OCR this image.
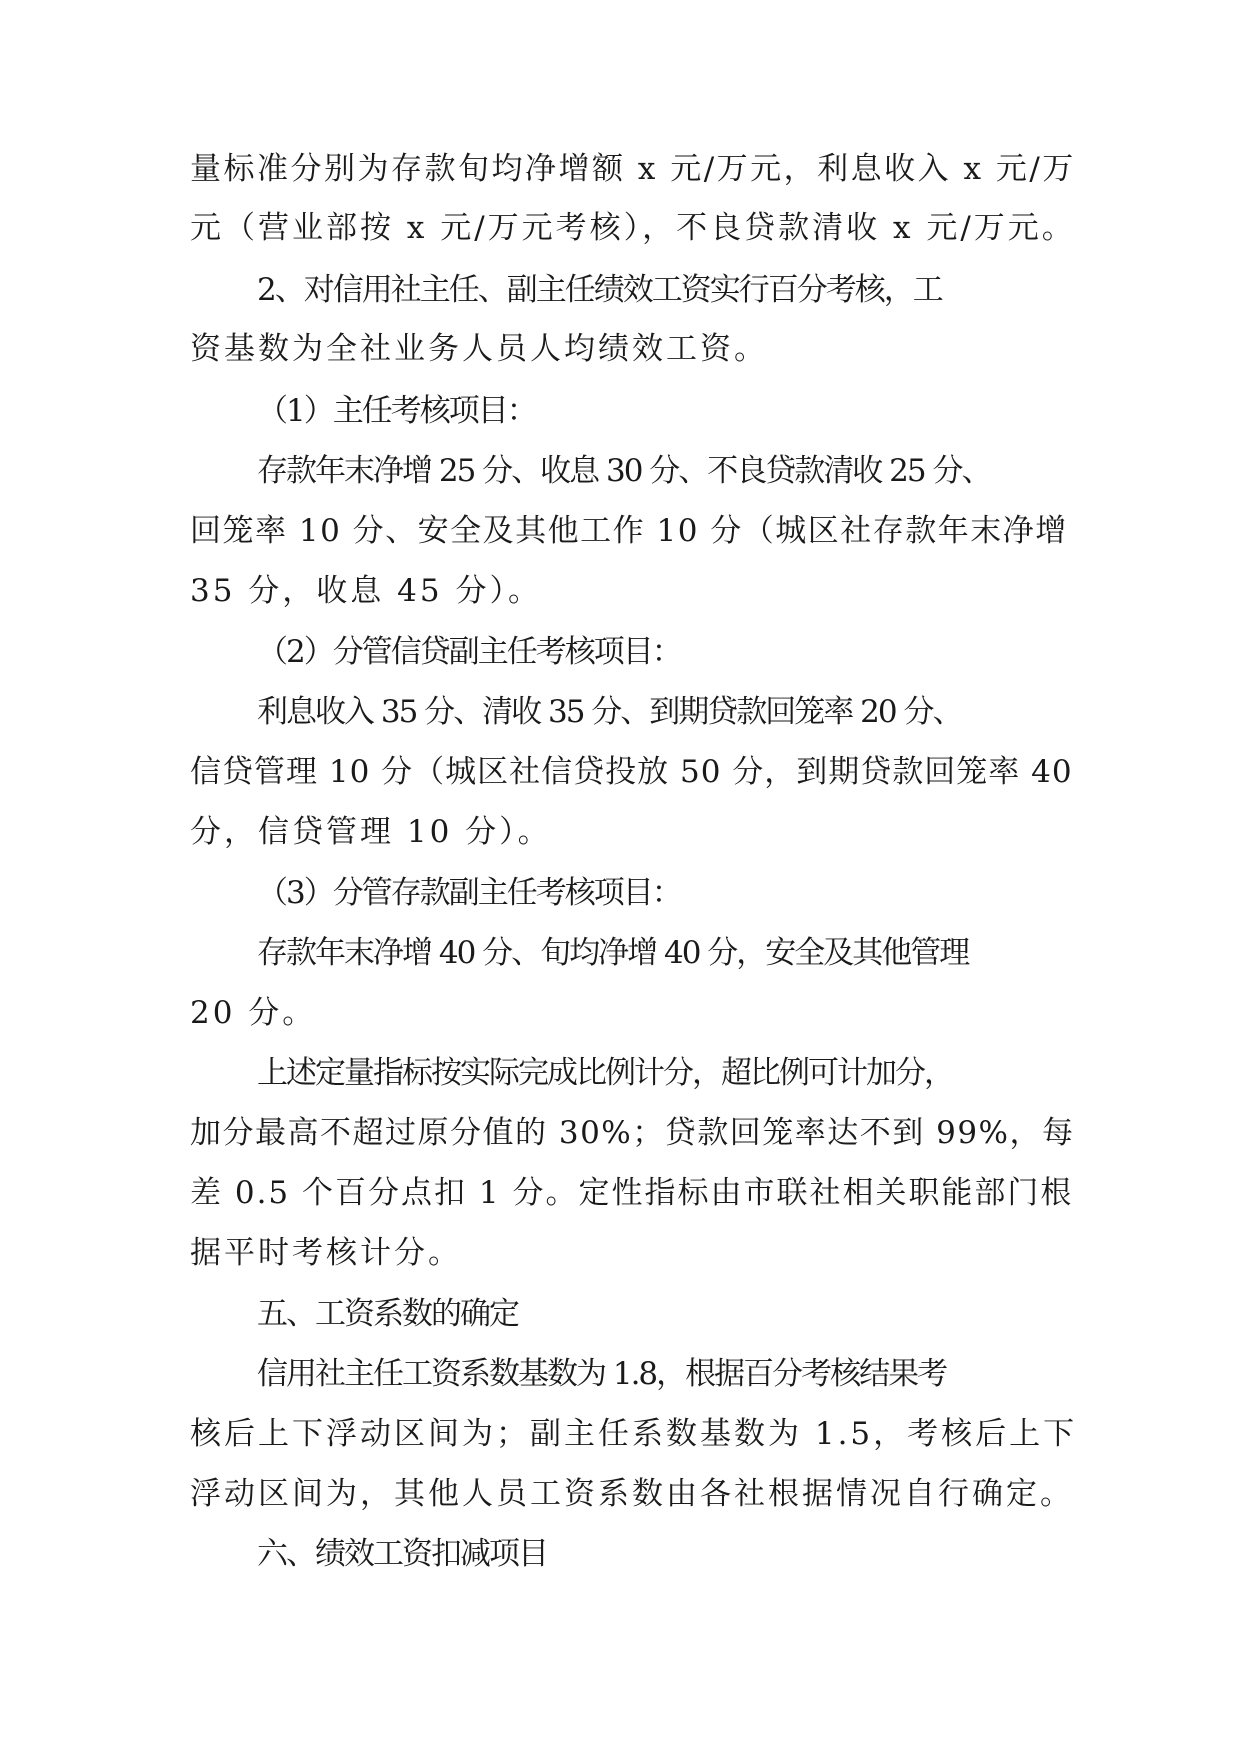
量标准分别为存款旬均净增额 x 元/万元，利息收入 x 元/万
元（营业部按 x 元/万元考核），不良贷款清收 x 元/万元。
2、对信用社主任、副主任绩效工资实行百分考核，工
资基数为全社业务人员人均绩效工资。
（1）主任考核项目：
存款年末净增 25 分、收息 30 分、不良贷款清收 25 分、
回笼率 10 分、安全及其他工作 10 分（城区社存款年末净增
35 分，收息 45 分）。
（2）分管信贷副主任考核项目：
利息收入 35 分、清收 35 分、到期贷款回笼率 20 分、
信贷管理 10 分（城区社信贷投放 50 分，到期贷款回笼率 40
分，信贷管理 10 分）。
（3）分管存款副主任考核项目：
存款年末净增 40 分、旬均净增 40 分，安全及其他管理
20 分。
上述定量指标按实际完成比例计分，超比例可计加分，
加分最高不超过原分值的 30%；贷款回笼率达不到 99%，每
差 0.5 个百分点扣 1 分。定性指标由市联社相关职能部门根
据平时考核计分。
五、工资系数的确定
信用社主任工资系数基数为 1.8，根据百分考核结果考
核后上下浮动区间为；副主任系数基数为 1.5，考核后上下
浮动区间为，其他人员工资系数由各社根据情况自行确定。
六、绩效工资扣减项目
